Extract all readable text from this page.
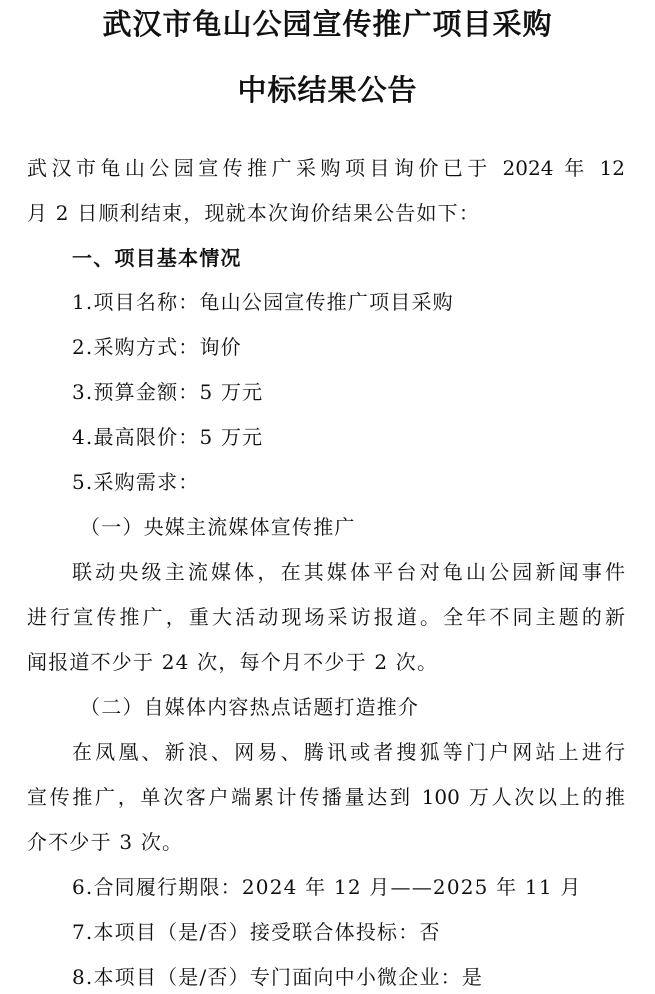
武汉市龟山公园宣传推广项目采购
中标结果公告
武汉市龟山公园宣传推广采购项目询价已于 2024 年 12
月 2 日顺利结束，现就本次询价结果公告如下：
一、项目基本情况
1.项目名称：龟山公园宣传推广项目采购
2.采购方式：询价
3.预算金额：5 万元
4.最高限价：5 万元
5.采购需求：
（一）央媒主流媒体宣传推广
联动央级主流媒体，在其媒体平台对龟山公园新闻事件
进行宣传推广，重大活动现场采访报道。全年不同主题的新
闻报道不少于 24 次，每个月不少于 2 次。
（二）自媒体内容热点话题打造推介
在凤凰、新浪、网易、腾讯或者搜狐等门户网站上进行
宣传推广，单次客户端累计传播量达到 100 万人次以上的推
介不少于 3 次。
6.合同履行期限：2024 年 12 月——2025 年 11 月
7.本项目（是/否）接受联合体投标：否
8.本项目（是/否）专门面向中小微企业：是
